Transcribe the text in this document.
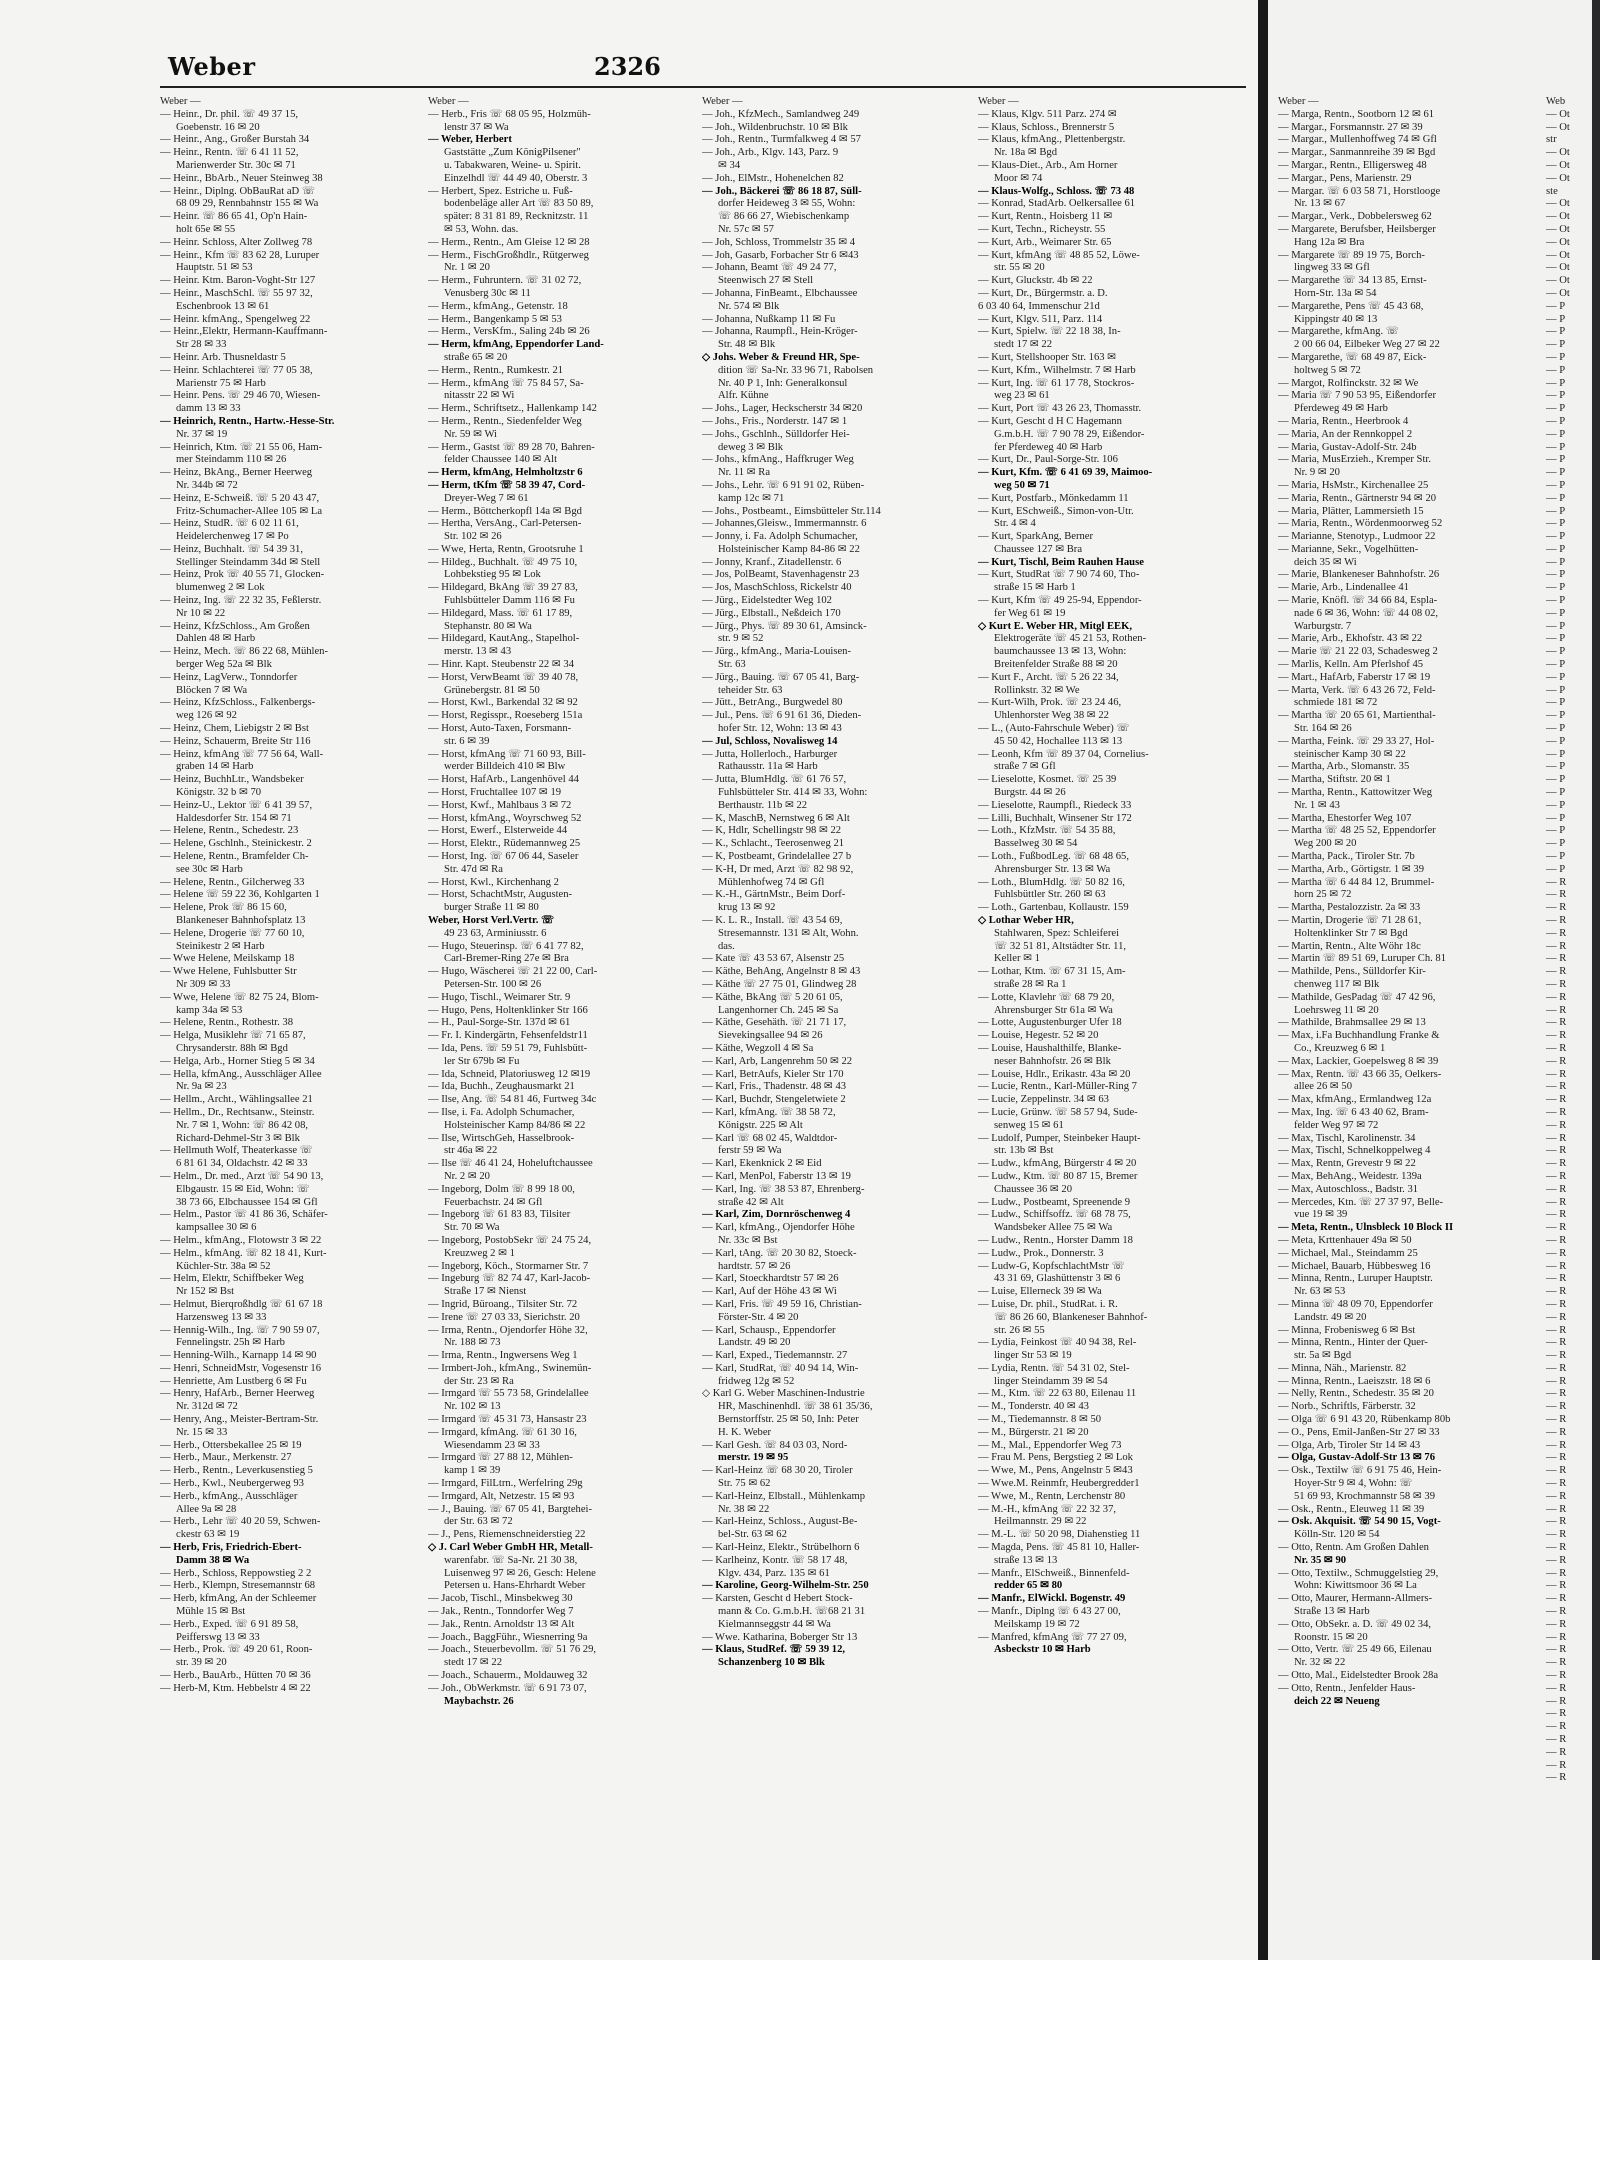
Weber	2326
Weber —
— Heinr., Dr. phil. ☏ 49 37 15,
Goebenstr. 16 ✉ 20
— Heinr., Ang., Großer Burstah 34
— Heinr., Rentn. ☏ 6 41 11 52,
Marienwerder Str. 30c ✉ 71
— Heinr., BbArb., Neuer Steinweg 38
— Heinr., Diplng. ObBauRat aD ☏
68 09 29, Rennbahnstr 155 ✉ Wa
— Heinr. ☏ 86 65 41, Op'n Hain-
holt 65e ✉ 55
— Heinr. Schloss, Alter Zollweg 78
— Heinr., Kfm ☏ 83 62 28, Luruper
Hauptstr. 51 ✉ 53
— Heinr. Ktm. Baron-Voght-Str 127
— Heinr., MaschSchl. ☏ 55 97 32,
Eschenbrook 13 ✉ 61
— Heinr. kfmAng., Spengelweg 22
— Heinr.,Elektr, Hermann-Kauffmann-
Str 28 ✉ 33
— Heinr. Arb. Thusneldastr 5
— Heinr. Schlachterei ☏ 77 05 38,
Marienstr 75 ✉ Harb
— Heinr. Pens. ☏ 29 46 70, Wiesen-
damm 13 ✉ 33
— Heinrich, Rentn., Hartw.-Hesse-Str.
Nr. 37 ✉ 19
— Heinrich, Ktm. ☏ 21 55 06, Ham-
mer Steindamm 110 ✉ 26
— Heinz, BkAng., Berner Heerweg
Nr. 344b ✉ 72
— Heinz, E-Schweiß. ☏ 5 20 43 47,
Fritz-Schumacher-Allee 105 ✉ La
— Heinz, StudR. ☏ 6 02 11 61,
Heidelerchenweg 17 ✉ Po
— Heinz, Buchhalt. ☏ 54 39 31,
Stellinger Steindamm 34d ✉ Stell
— Heinz, Prok ☏ 40 55 71, Glocken-
blumenweg 2 ✉ Lok
— Heinz, Ing. ☏ 22 32 35, Feßlerstr.
Nr 10 ✉ 22
— Heinz, KfzSchloss., Am Großen
Dahlen 48 ✉ Harb
— Heinz, Mech. ☏ 86 22 68, Mühlen-
berger Weg 52a ✉ Blk
— Heinz, LagVerw., Tonndorfer
Blöcken 7 ✉ Wa
— Heinz, KfzSchloss., Falkenbergs-
weg 126 ✉ 92
— Heinz, Chem, Liebigstr 2 ✉ Bst
— Heinz, Schauerm, Breite Str 116
— Heinz, kfmAng ☏ 77 56 64, Wall-
graben 14 ✉ Harb
— Heinz, BuchhLtr., Wandsbeker
Königstr. 32 b ✉ 70
— Heinz-U., Lektor ☏ 6 41 39 57,
Haldesdorfer Str. 154 ✉ 71
— Helene, Rentn., Schedestr. 23
— Helene, Gschlnh., Steinickestr. 2
— Helene, Rentn., Bramfelder Ch-
see 30c ✉ Harb
— Helene, Rentn., Gilcherweg 33
— Helene ☏ 59 22 36, Kohlgarten 1
— Helene, Prok ☏ 86 15 60,
Blankeneser Bahnhofsplatz 13
— Helene, Drogerie ☏ 77 60 10,
Steinikestr 2 ✉ Harb
— Wwe Helene, Meilskamp 18
— Wwe Helene, Fuhlsbutter Str
Nr 309 ✉ 33
— Wwe, Helene ☏ 82 75 24, Blom-
kamp 34a ✉ 53
— Helene, Rentn., Rothestr. 38
— Helga, Musiklehr ☏ 71 65 87,
Chrysanderstr. 88h ✉ Bgd
— Helga, Arb., Horner Stieg 5 ✉ 34
— Hella, kfmAng., Ausschläger Allee
Nr. 9a ✉ 23
— Hellm., Archt., Wählingsallee 21
— Hellm., Dr., Rechtsanw., Steinstr.
Nr. 7 ✉ 1, Wohn: ☏ 86 42 08,
Richard-Dehmel-Str 3 ✉ Blk
— Hellmuth Wolf, Theaterkasse ☏
6 81 61 34, Oldachstr. 42 ✉ 33
— Helm., Dr. med., Arzt ☏ 54 90 13,
Elbgaustr. 15 ✉ Eid, Wohn: ☏
38 73 66, Elbchaussee 154 ✉ Gfl
— Helm., Pastor ☏ 41 86 36, Schäfer-
kampsallee 30 ✉ 6
— Helm., kfmAng., Flotowstr 3 ✉ 22
— Helm., kfmAng. ☏ 82 18 41, Kurt-
Küchler-Str. 38a ✉ 52
— Helm, Elektr, Schiffbeker Weg
Nr 152 ✉ Bst
— Helmut, Bierqroßhdlg ☏ 61 67 18
Harzensweg 13 ✉ 33
— Hennig-Wilh., Ing. ☏ 7 90 59 07,
Fennelingstr. 25h ✉ Harb
— Henning-Wilh., Karnapp 14 ✉ 90
— Henri, SchneidMstr, Vogesenstr 16
— Henriette, Am Lustberg 6 ✉ Fu
— Henry, HafArb., Berner Heerweg
Nr. 312d ✉ 72
— Henry, Ang., Meister-Bertram-Str.
Nr. 15 ✉ 33
— Herb., Ottersbekallee 25 ✉ 19
— Herb., Maur., Merkenstr. 27
— Herb., Rentn., Leverkusenstieg 5
— Herb., Kwl., Neubergerweg 93
— Herb., kfmAng., Ausschläger
Allee 9a ✉ 28
— Herb., Lehr ☏ 40 20 59, Schwen-
ckestr 63 ✉ 19
— Herb, Fris, Friedrich-Ebert-
Damm 38 ✉ Wa
— Herb., Schloss, Reppowstieg 2 2
— Herb., Klempn, Stresemannstr 68
— Herb, kfmAng, An der Schleemer
Mühle 15 ✉ Bst
— Herb., Exped. ☏ 6 91 89 58,
Peifferswg 13 ✉ 33
— Herb., Prok. ☏ 49 20 61, Roon-
str. 39 ✉ 20
— Herb., BauArb., Hütten 70 ✉ 36
— Herb-M, Ktm. Hebbelstr 4 ✉ 22
Weber —
— Herb., Fris ☏ 68 05 95, Holzmüh-
lenstr 37 ✉ Wa
— Weber, Herbert
Gaststätte „Zum KönigPilsener"
u. Tabakwaren, Weine- u. Spirit.
Einzelhdl ☏ 44 49 40, Oberstr. 3
— Herbert, Spez. Estriche u. Fuß-
bodenbeläge aller Art ☏ 83 50 89,
später: 8 31 81 89, Recknitzstr. 11
✉ 53, Wohn. das.
— Herm., Rentn., Am Gleise 12 ✉ 28
— Herm., FischGroßhdlr., Rütgerweg
Nr. 1 ✉ 20
— Herm., Fuhruntern. ☏ 31 02 72,
Venusberg 30c ✉ 11
— Herm., kfmAng., Getenstr. 18
— Herm., Bangenkamp 5 ✉ 53
— Herm., VersKfm., Saling 24b ✉ 26
— Herm, kfmAng, Eppendorfer Land-
straße 65 ✉ 20
— Herm., Rentn., Rumkestr. 21
— Herm., kfmAng ☏ 75 84 57, Sa-
nitasstr 22 ✉ Wi
— Herm., Schriftsetz., Hallenkamp 142
— Herm., Rentn., Siedenfelder Weg
Nr. 59 ✉ Wi
— Herm., Gastst ☏ 89 28 70, Bahren-
felder Chaussee 140 ✉ Alt
— Herm, kfmAng, Helmholtzstr 6
— Herm, tKfm ☏ 58 39 47, Cord-
Dreyer-Weg 7 ✉ 61
— Herm., Böttcherkopfl 14a ✉ Bgd
— Hertha, VersAng., Carl-Petersen-
Str. 102 ✉ 26
— Wwe, Herta, Rentn, Grootsruhe 1
— Hildeg., Buchhalt. ☏ 49 75 10,
Lohbekstieg 95 ✉ Lok
— Hildegard, BkAng ☏ 39 27 83,
Fuhlsbütteler Damm 116 ✉ Fu
— Hildegard, Mass. ☏ 61 17 89,
Stephanstr. 80 ✉ Wa
— Hildegard, KautAng., Stapelhol-
merstr. 13 ✉ 43
— Hinr. Kapt. Steubenstr 22 ✉ 34
— Horst, VerwBeamt ☏ 39 40 78,
Grünebergstr. 81 ✉ 50
— Horst, Kwl., Barkendal 32 ✉ 92
— Horst, Regisspr., Roeseberg 151a
— Horst, Auto-Taxen, Forsmann-
str. 6 ✉ 39
— Horst, kfmAng ☏ 71 60 93, Bill-
werder Billdeich 410 ✉ Blw
— Horst, HafArb., Langenhövel 44
— Horst, Fruchtallee 107 ✉ 19
— Horst, Kwf., Mahlbaus 3 ✉ 72
— Horst, kfmAng., Woyrschweg 52
— Horst, Ewerf., Elsterweide 44
— Horst, Elektr., Rüdemannweg 25
— Horst, Ing. ☏ 67 06 44, Saseler
Str. 47d ✉ Ra
— Horst, Kwl., Kirchenhang 2
— Horst, SchachtMstr, Augusten-
burger Straße 11 ✉ 80
Weber, Horst Verl.Vertr. ☏
49 23 63, Arminiusstr. 6
— Hugo, Steuerinsp. ☏ 6 41 77 82,
Carl-Bremer-Ring 27e ✉ Bra
— Hugo, Wäscherei ☏ 21 22 00, Carl-
Petersen-Str. 100 ✉ 26
— Hugo, Tischl., Weimarer Str. 9
— Hugo, Pens, Holtenklinker Str 166
— H., Paul-Sorge-Str. 137d ✉ 61
— Fr. I. Kindergärtn, Fehsenfeldstr11
— Ida, Pens. ☏ 59 51 79, Fuhlsbütt-
ler Str 679b ✉ Fu
— Ida, Schneid, Platoriusweg 12 ✉19
— Ida, Buchh., Zeughausmarkt 21
— Ilse, Ang. ☏ 54 81 46, Furtweg 34c
— Ilse, i. Fa. Adolph Schumacher,
Holsteinischer Kamp 84/86 ✉ 22
— Ilse, WirtschGeh, Hasselbrook-
str 46a ✉ 22
— Ilse ☏ 46 41 24, Hoheluftchaussee
Nr. 2 ✉ 20
— Ingeborg, Dolm ☏ 8 99 18 00,
Feuerbachstr. 24 ✉ Gfl
— Ingeborg ☏ 61 83 83, Tilsiter
Str. 70 ✉ Wa
— Ingeborg, PostobSekr ☏ 24 75 24,
Kreuzweg 2 ✉ 1
— Ingeborg, Köch., Stormarner Str. 7
— Ingeburg ☏ 82 74 47, Karl-Jacob-
Straße 17 ✉ Nienst
— Ingrid, Büroang., Tilsiter Str. 72
— Irene ☏ 27 03 33, Sierichstr. 20
— Irma, Rentn., Ojendorfer Höhe 32,
Nr. 188 ✉ 73
— Irma, Rentn., Ingwersens Weg 1
— Irmbert-Joh., kfmAng., Swinemün-
der Str. 23 ✉ Ra
— Irmgard ☏ 55 73 58, Grindelallee
Nr. 102 ✉ 13
— Irmgard ☏ 45 31 73, Hansastr 23
— Irmgard, kfmAng. ☏ 61 30 16,
Wiesendamm 23 ✉ 33
— Irmgard ☏ 27 88 12, Mühlen-
kamp 1 ✉ 39
— Irmgard, FilLtrn., Werfelring 29g
— Irmgard, Alt, Netzestr. 15 ✉ 93
— J., Bauing. ☏ 67 05 41, Bargtehei-
der Str. 63 ✉ 72
— J., Pens, Riemenschneiderstieg 22
◇ J. Carl Weber GmbH HR, Metall-
warenfabr. ☏ Sa-Nr. 21 30 38,
Luisenweg 97 ✉ 26, Gesch: Helene
Petersen u. Hans-Ehrhardt Weber
— Jacob, Tischl., Minsbekweg 30
— Jak., Rentn., Tonndorfer Weg 7
— Jak., Rentn. Arnoldstr 13 ✉ Alt
— Joach., BaggFühr., Wiesnerring 9a
— Joach., Steuerbevollm. ☏ 51 76 29,
stedt 17 ✉ 22
— Joach., Schauerm., Moldauweg 32
— Joh., ObWerkmstr. ☏ 6 91 73 07,
Maybachstr. 26
Weber —
— Joh., KfzMech., Samlandweg 249
— Joh., Wildenbruchstr. 10 ✉ Blk
— Joh., Rentn., Turmfalkweg 4 ✉ 57
— Joh., Arb., Klgv. 143, Parz. 9
✉ 34
— Joh., ElMstr., Hohenelchen 82
— Joh., Bäckerei ☏ 86 18 87, Süll-
dorfer Heideweg 3 ✉ 55, Wohn:
☏ 86 66 27, Wiebischenkamp
Nr. 57c ✉ 57
— Joh, Schloss, Trommelstr 35 ✉ 4
— Joh, Gasarb, Forbacher Str 6 ✉43
— Johann, Beamt ☏ 49 24 77,
Steenwisch 27 ✉ Stell
— Johanna, FinBeamt., Elbchaussee
Nr. 574 ✉ Blk
— Johanna, Nußkamp 11 ✉ Fu
— Johanna, Raumpfl., Hein-Kröger-
Str. 48 ✉ Blk
◇ Johs. Weber & Freund HR, Spe-
dition ☏ Sa-Nr. 33 96 71, Rabolsen
Nr. 40 P 1, Inh: Generalkonsul
Alfr. Kühne
— Johs., Lager, Heckscherstr 34 ✉20
— Johs., Fris., Norderstr. 147 ✉ 1
— Johs., Gschlnh., Sülldorfer Hei-
deweg 3 ✉ Blk
— Johs., kfmAng., Haffkruger Weg
Nr. 11 ✉ Ra
— Johs., Lehr. ☏ 6 91 91 02, Rüben-
kamp 12c ✉ 71
— Johs., Postbeamt., Eimsbütteler Str.114
— Johannes,Gleisw., Immermannstr. 6
— Jonny, i. Fa. Adolph Schumacher,
Holsteinischer Kamp 84-86 ✉ 22
— Jonny, Kranf., Zitadellenstr. 6
— Jos, PolBeamt, Stavenhagenstr 23
— Jos, MaschSchloss, Rickelstr 40
— Jürg., Eidelstedter Weg 102
— Jürg., Elbstall., Neßdeich 170
— Jürg., Phys. ☏ 89 30 61, Amsinck-
str. 9 ✉ 52
— Jürg., kfmAng., Maria-Louisen-
Str. 63
— Jürg., Bauing. ☏ 67 05 41, Barg-
teheider Str. 63
— Jütt., BetrAng., Burgwedel 80
— Jul., Pens. ☏ 6 91 61 36, Dieden-
hofer Str. 12, Wohn: 13 ✉ 43
— Jul, Schloss, Novalisweg 14
— Jutta, Hollerloch., Harburger
Rathausstr. 11a ✉ Harb
— Jutta, BlumHdlg. ☏ 61 76 57,
Fuhlsbütteler Str. 414 ✉ 33, Wohn:
Berthaustr. 11b ✉ 22
— K, MaschB, Nernstweg 6 ✉ Alt
— K, Hdlr, Schellingstr 98 ✉ 22
— K., Schlacht., Teerosenweg 21
— K, Postbeamt, Grindelallee 27 b
— K-H, Dr med, Arzt ☏ 82 98 92,
Mühlenhofweg 74 ✉ Gfl
— K.-H., GärtnMstr., Beim Dorf-
krug 13 ✉ 92
— K. L. R., Install. ☏ 43 54 69,
Stresemannstr. 131 ✉ Alt, Wohn.
das.
— Kate ☏ 43 53 67, Alsenstr 25
— Käthe, BehAng, Angelnstr 8 ✉ 43
— Käthe ☏ 27 75 01, Glindweg 28
— Käthe, BkAng ☏ 5 20 61 05,
Langenhorner Ch. 245 ✉ Sa
— Käthe, Gesehäth. ☏ 21 71 17,
Sievekingsallee 94 ✉ 26
— Käthe, Wegzoll 4 ✉ Sa
— Karl, Arb, Langenrehm 50 ✉ 22
— Karl, BetrAufs, Kieler Str 170
— Karl, Fris., Thadenstr. 48 ✉ 43
— Karl, Buchdr, Stengeletwiete 2
— Karl, kfmAng. ☏ 38 58 72,
Königstr. 225 ✉ Alt
— Karl ☏ 68 02 45, Waldtdor-
ferstr 59 ✉ Wa
— Karl, Ekenknick 2 ✉ Eid
— Karl, MenPol, Faberstr 13 ✉ 19
— Karl, Ing. ☏ 38 53 87, Ehrenberg-
straße 42 ✉ Alt
— Karl, Zim, Dornröschenweg 4
— Karl, kfmAng., Ojendorfer Höhe
Nr. 33c ✉ Bst
— Karl, tAng. ☏ 20 30 82, Stoeck-
hardtstr. 57 ✉ 26
— Karl, Stoeckhardtstr 57 ✉ 26
— Karl, Auf der Höhe 43 ✉ Wi
— Karl, Fris. ☏ 49 59 16, Christian-
Förster-Str. 4 ✉ 20
— Karl, Schausp., Eppendorfer
Landstr. 49 ✉ 20
— Karl, Exped., Tiedemannstr. 27
— Karl, StudRat, ☏ 40 94 14, Win-
fridweg 12g ✉ 52
◇ Karl G. Weber Maschinen-Industrie
HR, Maschinenhdl. ☏ 38 61 35/36,
Bernstorffstr. 25 ✉ 50, Inh: Peter
H. K. Weber
— Karl Gesh. ☏ 84 03 03, Nord-
merstr. 19 ✉ 95
— Karl-Heinz ☏ 68 30 20, Tiroler
Str. 75 ✉ 62
— Karl-Heinz, Elbstall., Mühlenkamp
Nr. 38 ✉ 22
— Karl-Heinz, Schloss., August-Be-
bel-Str. 63 ✉ 62
— Karl-Heinz, Elektr., Strübelhorn 6
— Karlheinz, Kontr. ☏ 58 17 48,
Klgv. 434, Parz. 135 ✉ 61
— Karoline, Georg-Wilhelm-Str. 250
— Karsten, Gescht d Hebert Stock-
mann & Co. G.m.b.H. ☏68 21 31
Kielmannseggstr 44 ✉ Wa
— Wwe. Katharina, Boberger Str 13
— Klaus, StudRef. ☏ 59 39 12,
Schanzenberg 10 ✉ Blk
Weber —
— Klaus, Klgv. 511 Parz. 274 ✉
— Klaus, Schloss., Brennerstr 5
— Klaus, kfmAng., Plettenbergstr.
Nr. 18a ✉ Bgd
— Klaus-Diet., Arb., Am Horner
Moor ✉ 74
— Klaus-Wolfg., Schloss. ☏ 73 48
— Konrad, StadArb. Oelkersallee 61
— Kurt, Rentn., Hoisberg 11 ✉
— Kurt, Techn., Richeystr. 55
— Kurt, Arb., Weimarer Str. 65
— Kurt, kfmAng ☏ 48 85 52, Löwe-
str. 55 ✉ 20
— Kurt, Gluckstr. 4b ✉ 22
— Kurt, Dr., Bürgermstr. a. D.
6 03 40 64, Immenschur 21d
— Kurt, Klgv. 511, Parz. 114
— Kurt, Spielw. ☏ 22 18 38, In-
stedt 17 ✉ 22
— Kurt, Stellshooper Str. 163 ✉
— Kurt, Kfm., Wilhelmstr. 7 ✉ Harb
— Kurt, Ing. ☏ 61 17 78, Stockros-
weg 23 ✉ 61
— Kurt, Port ☏ 43 26 23, Thomasstr.
— Kurt, Gescht d H C Hagemann
G.m.b.H. ☏ 7 90 78 29, Eißendor-
fer Pferdeweg 40 ✉ Harb
— Kurt, Dr., Paul-Sorge-Str. 106
— Kurt, Kfm. ☏ 6 41 69 39, Maimoo-
weg 50 ✉ 71
— Kurt, Postfarb., Mönkedamm 11
— Kurt, ESchweiß., Simon-von-Utr.
Str. 4 ✉ 4
— Kurt, SparkAng, Berner
Chaussee 127 ✉ Bra
— Kurt, Tischl, Beim Rauhen Hause
— Kurt, StudRat ☏ 7 90 74 60, Tho-
straße 15 ✉ Harb 1
— Kurt, Kfm ☏ 49 25-94, Eppendor-
fer Weg 61 ✉ 19
◇ Kurt E. Weber HR, Mitgl EEK,
Elektrogeräte ☏ 45 21 53, Rothen-
baumchaussee 13 ✉ 13, Wohn:
Breitenfelder Straße 88 ✉ 20
— Kurt F., Archt. ☏ 5 26 22 34,
Rollinkstr. 32 ✉ We
— Kurt-Wilh, Prok. ☏ 23 24 46,
Uhlenhorster Weg 38 ✉ 22
— L., (Auto-Fahrschule Weber) ☏
45 50 42, Hochallee 113 ✉ 13
— Leonh, Kfm ☏ 89 37 04, Cornelius-
straße 7 ✉ Gfl
— Lieselotte, Kosmet. ☏ 25 39
Burgstr. 44 ✉ 26
— Lieselotte, Raumpfl., Riedeck 33
— Lilli, Buchhalt, Winsener Str 172
— Loth., KfzMstr. ☏ 54 35 88,
Basselweg 30 ✉ 54
— Loth., FußbodLeg. ☏ 68 48 65,
Ahrensburger Str. 13 ✉ Wa
— Loth., BlumHdlg. ☏ 50 82 16,
Fuhlsbüttler Str. 260 ✉ 63
— Loth., Gartenbau, Kollaustr. 159
◇ Lothar Weber HR,
Stahlwaren, Spez: Schleiferei
☏ 32 51 81, Altstädter Str. 11,
Keller ✉ 1
— Lothar, Ktm. ☏ 67 31 15, Am-
straße 28 ✉ Ra 1
— Lotte, Klavlehr ☏ 68 79 20,
Ahrensburger Str 61a ✉ Wa
— Lotte, Augustenburger Ufer 18
— Louise, Hegestr. 52 ✉ 20
— Louise, Haushalthilfe, Blanke-
neser Bahnhofstr. 26 ✉ Blk
— Louise, Hdlr., Erikastr. 43a ✉ 20
— Lucie, Rentn., Karl-Müller-Ring 7
— Lucie, Zeppelinstr. 34 ✉ 63
— Lucie, Grünw. ☏ 58 57 94, Sude-
senweg 15 ✉ 61
— Ludolf, Pumper, Steinbeker Haupt-
str. 13b ✉ Bst
— Ludw., kfmAng, Bürgerstr 4 ✉ 20
— Ludw., Ktm. ☏ 80 87 15, Bremer
Chaussee 36 ✉ 20
— Ludw., Postbeamt, Spreenende 9
— Ludw., Schiffsoffz. ☏ 68 78 75,
Wandsbeker Allee 75 ✉ Wa
— Ludw., Rentn., Horster Damm 18
— Ludw., Prok., Donnerstr. 3
— Ludw-G, KopfschlachtMstr ☏
43 31 69, Glashüttenstr 3 ✉ 6
— Luise, Ellerneck 39 ✉ Wa
— Luise, Dr. phil., StudRat. i. R.
☏ 86 26 60, Blankeneser Bahnhof-
str. 26 ✉ 55
— Lydia, Feinkost ☏ 40 94 38, Rel-
linger Str 53 ✉ 19
— Lydia, Rentn. ☏ 54 31 02, Stel-
linger Steindamm 39 ✉ 54
— M., Ktm. ☏ 22 63 80, Eilenau 11
— M., Tonderstr. 40 ✉ 43
— M., Tiedemannstr. 8 ✉ 50
— M., Bürgerstr. 21 ✉ 20
— M., Mal., Eppendorfer Weg 73
— Frau M. Pens, Bergstieg 2 ✉ Lok
— Wwe, M., Pens, Angelnstr 5 ✉43
— Wwe.M. Reinmfr, Heubergredder1
— Wwe, M., Rentn, Lerchenstr 80
— M.-H., kfmAng ☏ 22 32 37,
Heilmannstr. 29 ✉ 22
— M.-L. ☏ 50 20 98, Diahenstieg 11
— Magda, Pens. ☏ 45 81 10, Haller-
straße 13 ✉ 13
— Manfr., ElSchweiß., Binnenfeld-
redder 65 ✉ 80
— Manfr., ElWickl. Bogenstr. 49
— Manfr., Diplng ☏ 6 43 27 00,
Meilskamp 19 ✉ 72
— Manfred, kfmAng ☏ 77 27 09,
Asbeckstr 10 ✉ Harb
Weber —
— Marga, Rentn., Sootborn 12 ✉ 61
— Margar., Forsmannstr. 27 ✉ 39
— Margar., Mullenhoffweg 74 ✉ Gfl
— Margar., Sanmannreihe 39 ✉ Bgd
— Margar., Rentn., Elligersweg 48
— Margar., Pens, Marienstr. 29
— Margar. ☏ 6 03 58 71, Horstlooge
Nr. 13 ✉ 67
— Margar., Verk., Dobbelersweg 62
— Margarete, Berufsber, Heilsberger
Hang 12a ✉ Bra
— Margarete ☏ 89 19 75, Borch-
lingweg 33 ✉ Gfl
— Margarethe ☏ 34 13 85, Ernst-
Horn-Str. 13a ✉ 54
— Margarethe, Pens ☏ 45 43 68,
Kippingstr 40 ✉ 13
— Margarethe, kfmAng. ☏
2 00 66 04, Eilbeker Weg 27 ✉ 22
— Margarethe, ☏ 68 49 87, Eick-
holtweg 5 ✉ 72
— Margot, Rolfinckstr. 32 ✉ We
— Maria ☏ 7 90 53 95, Eißendorfer
Pferdeweg 49 ✉ Harb
— Maria, Rentn., Heerbrook 4
— Maria, An der Rennkoppel 2
— Maria, Gustav-Adolf-Str. 24b
— Maria, MusErzieh., Kremper Str.
Nr. 9 ✉ 20
— Maria, HsMstr., Kirchenallee 25
— Maria, Rentn., Gärtnerstr 94 ✉ 20
— Maria, Plätter, Lammersieth 15
— Maria, Rentn., Wördenmoorweg 52
— Marianne, Stenotyp., Ludmoor 22
— Marianne, Sekr., Vogelhütten-
deich 35 ✉ Wi
— Marie, Blankeneser Bahnhofstr. 26
— Marie, Arb., Lindenallee 41
— Marie, Knöfl. ☏ 34 66 84, Espla-
nade 6 ✉ 36, Wohn: ☏ 44 08 02,
Warburgstr. 7
— Marie, Arb., Ekhofstr. 43 ✉ 22
— Marie ☏ 21 22 03, Schadesweg 2
— Marlis, Kelln. Am Pferlshof 45
— Mart., HafArb, Faberstr 17 ✉ 19
— Marta, Verk. ☏ 6 43 26 72, Feld-
schmiede 181 ✉ 72
— Martha ☏ 20 65 61, Martienthal-
Str. 164 ✉ 26
— Martha, Feink. ☏ 29 33 27, Hol-
steinischer Kamp 30 ✉ 22
— Martha, Arb., Slomanstr. 35
— Martha, Stiftstr. 20 ✉ 1
— Martha, Rentn., Kattowitzer Weg
Nr. 1 ✉ 43
— Martha, Ehestorfer Weg 107
— Martha ☏ 48 25 52, Eppendorfer
Weg 200 ✉ 20
— Martha, Pack., Tiroler Str. 7b
— Martha, Arb., Görtigstr. 1 ✉ 39
— Martha ☏ 6 44 84 12, Brummel-
horn 25 ✉ 72
— Martha, Pestalozzistr. 2a ✉ 33
— Martin, Drogerie ☏ 71 28 61,
Holtenklinker Str 7 ✉ Bgd
— Martin, Rentn., Alte Wöhr 18c
— Martin ☏ 89 51 69, Luruper Ch. 81
— Mathilde, Pens., Sülldorfer Kir-
chenweg 117 ✉ Blk
— Mathilde, GesPadag ☏ 47 42 96,
Loehrsweg 11 ✉ 20
— Mathilde, Brahmsallee 29 ✉ 13
— Max, i.Fa Buchhandlung Franke &
Co., Kreuzweg 6 ✉ 1
— Max, Lackier, Goepelsweg 8 ✉ 39
— Max, Rentn. ☏ 43 66 35, Oelkers-
allee 26 ✉ 50
— Max, kfmAng., Ermlandweg 12a
— Max, Ing. ☏ 6 43 40 62, Bram-
felder Weg 97 ✉ 72
— Max, Tischl, Karolinenstr. 34
— Max, Tischl, Schnelkoppelweg 4
— Max, Rentn, Grevestr 9 ✉ 22
— Max, BehAng., Weidestr. 139a
— Max, Autoschloss., Badstr. 31
— Mercedes, Ktn. ☏ 27 37 97, Belle-
vue 19 ✉ 39
— Meta, Rentn., Ulnsbleck 10 Block II
— Meta, Krttenhauer 49a ✉ 50
— Michael, Mal., Steindamm 25
— Michael, Bauarb, Hübbesweg 16
— Minna, Rentn., Luruper Hauptstr.
Nr. 63 ✉ 53
— Minna ☏ 48 09 70, Eppendorfer
Landstr. 49 ✉ 20
— Minna, Frobenisweg 6 ✉ Bst
— Minna, Rentn., Hinter der Quer-
str. 5a ✉ Bgd
— Minna, Näh., Marienstr. 82
— Minna, Rentn., Laeiszstr. 18 ✉ 6
— Nelly, Rentn., Schedestr. 35 ✉ 20
— Norb., Schriftls, Färberstr. 32
— Olga ☏ 6 91 43 20, Rübenkamp 80b
— O., Pens, Emil-Janßen-Str 27 ✉ 33
— Olga, Arb, Tiroler Str 14 ✉ 43
— Olga, Gustav-Adolf-Str 13 ✉ 76
— Osk., Textilw ☏ 6 91 75 46, Hein-
Hoyer-Str 9 ✉ 4, Wohn: ☏
51 69 93, Krochmannstr 58 ✉ 39
— Osk., Rentn., Eleuweg 11 ✉ 39
— Osk. Akquisit. ☏ 54 90 15, Vogt-
Kölln-Str. 120 ✉ 54
— Otto, Rentn. Am Großen Dahlen
Nr. 35 ✉ 90
— Otto, Textilw., Schmuggelstieg 29,
Wohn: Kiwittsmoor 36 ✉ La
— Otto, Maurer, Hermann-Allmers-
Straße 13 ✉ Harb
— Otto, ObSekr. a. D. ☏ 49 02 34,
Roonstr. 15 ✉ 20
— Otto, Vertr. ☏ 25 49 66, Eilenau
Nr. 32 ✉ 22
— Otto, Mal., Eidelstedter Brook 28a
— Otto, Rentn., Jenfelder Haus-
deich 22 ✉ Neueng
Web
— Ot
— Ot
str
— Ot
— Ot
— Ot
ste
— Ot
— Ot
— Ot
— Ot
— Ot
— Ot
— Ot
— Ot
— P
— P
— P
— P
— P
— P
— P
— P
— P
— P
— P
— P
— P
— P
— P
— P
— P
— P
— P
— P
— P
— P
— P
— P
— P
— P
— P
— P
— P
— P
— P
— P
— P
— P
— P
— P
— P
— P
— P
— P
— P
— P
— P
— P
— P
— R
— R
— R
— R
— R
— R
— R
— R
— R
— R
— R
— R
— R
— R
— R
— R
— R
— R
— R
— R
— R
— R
— R
— R
— R
— R
— R
— R
— R
— R
— R
— R
— R
— R
— R
— R
— R
— R
— R
— R
— R
— R
— R
— R
— R
— R
— R
— R
— R
— R
— R
— R
— R
— R
— R
— R
— R
— R
— R
— R
— R
— R
— R
— R
— R
— R
— R
— R
— R
— R
— R
